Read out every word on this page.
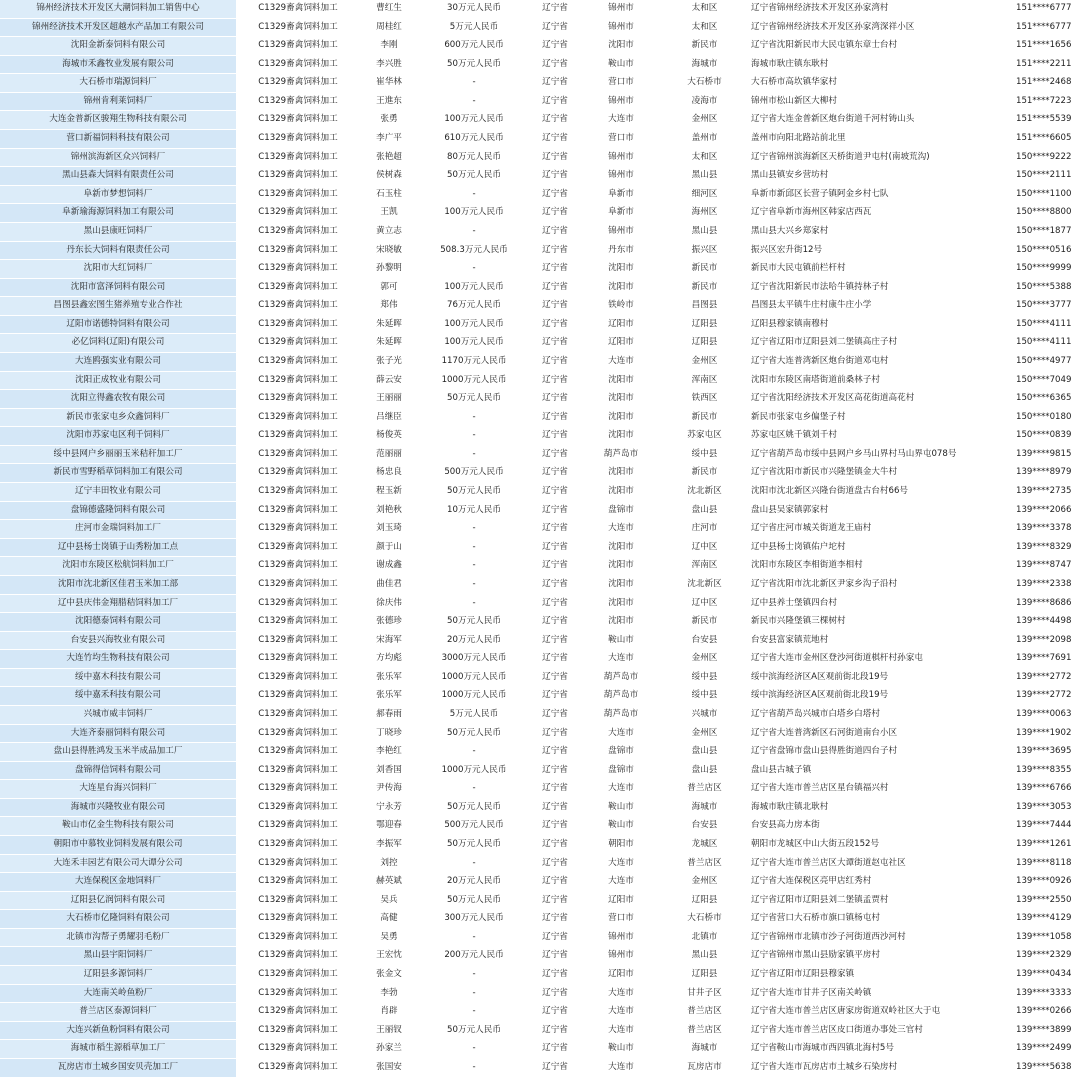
锦州经济技术开发区大潮饲料加工销售中心	C1329畜禽饲料加工	曹红生	30万元人民币	辽宁省	锦州市	太和区	辽宁省锦州经济技术开发区孙家湾村	151****6777
锦州经济技术开发区超越水产品加工有限公司	C1329畜禽饲料加工	周桂红	5万元人民币	辽宁省	锦州市	太和区	辽宁省锦州经济技术开发区孙家湾深祥小区	151****6777
沈阳金新泰饲料有限公司	C1329畜禽饲料加工	李刚	600万元人民币	辽宁省	沈阳市	新民市	辽宁省沈阳新民市大民屯镇东章士台村	151****1656
海城市禾鑫牧业发展有限公司	C1329畜禽饲料加工	李兴胜	50万元人民币	辽宁省	鞍山市	海城市	海城市耿庄镇东耿村	151****2211
大石桥市瑞源饲料厂	C1329畜禽饲料加工	崔华林	-	辽宁省	营口市	大石桥市	大石桥市高坎镇华家村	151****2468
锦州肯利莱饲料厂	C1329畜禽饲料加工	王進东	-	辽宁省	锦州市	凌海市	锦州市松山新区大柳村	151****7223
大连金普新区骏翔生物科技有限公司	C1329畜禽饲料加工	张勇	100万元人民币	辽宁省	大连市	金州区	辽宁省大连金普新区炮台街道千河村铸山头	151****5539
营口新福饲料科技有限公司	C1329畜禽饲料加工	李广平	610万元人民币	辽宁省	营口市	盖州市	盖州市向阳北路站前北里	151****6605
锦州滨海新区众兴饲料厂	C1329畜禽饲料加工	张艳超	80万元人民币	辽宁省	锦州市	太和区	辽宁省锦州滨海新区天桥街道尹屯村(南坡荒沟)	150****9222
黑山县森大饲料有限责任公司	C1329畜禽饲料加工	侯树森	50万元人民币	辽宁省	锦州市	黑山县	黑山县镇安乡营坊村	150****2111
阜新市梦想饲料厂	C1329畜禽饲料加工	石玉柱	-	辽宁省	阜新市	细河区	阜新市新邱区长营子镇阿金乡村七队	150****1100
阜新瑜海源饲料加工有限公司	C1329畜禽饲料加工	王凯	100万元人民币	辽宁省	阜新市	海州区	辽宁省阜新市海州区韩家店西瓦	150****8800
黑山县康旺饲料厂	C1329畜禽饲料加工	黄立志	-	辽宁省	锦州市	黑山县	黑山县大兴乡郑家村	150****1877
丹东长大饲料有限责任公司	C1329畜禽饲料加工	宋晓敏	508.3万元人民币	辽宁省	丹东市	振兴区	振兴区宏升街12号	150****0516
沈阳市大红饲料厂	C1329畜禽饲料加工	孙黎明	-	辽宁省	沈阳市	新民市	新民市大民屯镇前栏杆村	150****9999
沈阳市富泽饲料有限公司	C1329畜禽饲料加工	郭可	100万元人民币	辽宁省	沈阳市	新民市	辽宁省沈阳新民市法哈牛镇持林子村	150****5388
昌图县鑫宏图生猪养殖专业合作社	C1329畜禽饲料加工	郑伟	76万元人民币	辽宁省	铁岭市	昌图县	昌图县太平镇牛庄村康牛庄小学	150****3777
辽阳市诺德特饲料有限公司	C1329畜禽饲料加工	朱延晖	100万元人民币	辽宁省	辽阳市	辽阳县	辽阳县穆家镇南穆村	150****4111
必亿饲料(辽阳)有限公司	C1329畜禽饲料加工	朱延晖	100万元人民币	辽宁省	辽阳市	辽阳县	辽宁省辽阳市辽阳县刘二堡镇高庄子村	150****4111
大连鸥强实业有限公司	C1329畜禽饲料加工	张子光	1170万元人民币	辽宁省	大连市	金州区	辽宁省大连普湾新区炮台街道邓屯村	150****4977
沈阳正成牧业有限公司	C1329畜禽饲料加工	薛云安	1000万元人民币	辽宁省	沈阳市	浑南区	沈阳市东陵区南塔街道前桑林子村	150****7049
沈阳立得鑫农牧有限公司	C1329畜禽饲料加工	王丽丽	50万元人民币	辽宁省	沈阳市	铁西区	辽宁省沈阳经济技术开发区高花街道高花村	150****6365
新民市张家屯乡众鑫饲料厂	C1329畜禽饲料加工	吕继臣	-	辽宁省	沈阳市	新民市	新民市张家屯乡偏堡子村	150****0180
沈阳市苏家屯区利千饲料厂	C1329畜禽饲料加工	杨俊英	-	辽宁省	沈阳市	苏家屯区	苏家屯区姚千镇刘千村	150****0839
绥中县网户乡丽丽玉米秸秆加工厂	C1329畜禽饲料加工	范丽丽	-	辽宁省	葫芦岛市	绥中县	辽宁省葫芦岛市绥中县网户乡马山界村马山界屯078号	139****9815
新民市雪野稻草饲料加工有限公司	C1329畜禽饲料加工	杨忠良	500万元人民币	辽宁省	沈阳市	新民市	辽宁省沈阳市新民市兴隆堡镇金大牛村	139****8979
辽宁丰田牧业有限公司	C1329畜禽饲料加工	程玉新	50万元人民币	辽宁省	沈阳市	沈北新区	沈阳市沈北新区兴隆台街道盘古台村66号	139****2735
盘锦德盛隆饲料有限公司	C1329畜禽饲料加工	刘艳秋	10万元人民币	辽宁省	盘锦市	盘山县	盘山县吴家镇郭家村	139****2066
庄河市金瑞饲料加工厂	C1329畜禽饲料加工	刘玉琦	-	辽宁省	大连市	庄河市	辽宁省庄河市城关街道龙王庙村	139****3378
辽中县杨士岗镇于山秀粉加工点	C1329畜禽饲料加工	颜于山	-	辽宁省	沈阳市	辽中区	辽中县杨士岗镇佑户坨村	139****8329
沈阳市东陵区松航饲料加工厂	C1329畜禽饲料加工	谢成鑫	-	辽宁省	沈阳市	浑南区	沈阳市东陵区李相街道李相村	139****8747
沈阳市沈北新区佳君玉米加工部	C1329畜禽饲料加工	曲佳君	-	辽宁省	沈阳市	沈北新区	辽宁省沈阳市沈北新区尹家乡沟子沿村	139****2338
辽中县庆伟金翔腊秸饲料加工厂	C1329畜禽饲料加工	徐庆伟	-	辽宁省	沈阳市	辽中区	辽中县养士堡镇四台村	139****8686
沈阳德泰饲料有限公司	C1329畜禽饲料加工	张德珍	50万元人民币	辽宁省	沈阳市	新民市	新民市兴隆堡镇三棵树村	139****4498
台安县兴海牧业有限公司	C1329畜禽饲料加工	宋海军	20万元人民币	辽宁省	鞍山市	台安县	台安县富家镇荒地村	139****2098
大连竹均生物科技有限公司	C1329畜禽饲料加工	方均彪	3000万元人民币	辽宁省	大连市	金州区	辽宁省大连市金州区登沙河街道棋杆村孙家屯	139****7691
绥中嘉木科技有限公司	C1329畜禽饲料加工	张乐军	1000万元人民币	辽宁省	葫芦岛市	绥中县	绥中滨海经济区A区观前街北段19号	139****2772
绥中嘉禾科技有限公司	C1329畜禽饲料加工	张乐军	1000万元人民币	辽宁省	葫芦岛市	绥中县	绥中滨海经济区A区观前街北段19号	139****2772
兴城市威丰饲料厂	C1329畜禽饲料加工	郝春雨	5万元人民币	辽宁省	葫芦岛市	兴城市	辽宁省葫芦岛兴城市白塔乡白塔村	139****0063
大连齐泰丽饲料有限公司	C1329畜禽饲料加工	丁晓珍	50万元人民币	辽宁省	大连市	金州区	辽宁省大连普湾新区石河街道南台小区	139****1902
盘山县得胜鸿发玉米半成品加工厂	C1329畜禽饲料加工	李艳红	-	辽宁省	盘锦市	盘山县	辽宁省盘锦市盘山县得胜街道四台子村	139****3695
盘锦得信饲料有限公司	C1329畜禽饲料加工	刘香国	1000万元人民币	辽宁省	盘锦市	盘山县	盘山县古城子镇	139****8355
大连星台海兴饲料厂	C1329畜禽饲料加工	尹传海	-	辽宁省	大连市	普兰店区	辽宁省大连市普兰店区星台镇福兴村	139****6766
海城市兴隆牧业有限公司	C1329畜禽饲料加工	宁永芳	50万元人民币	辽宁省	鞍山市	海城市	海城市耿庄镇北耿村	139****3053
鞍山市亿金生物科技有限公司	C1329畜禽饲料加工	鄂迎春	500万元人民币	辽宁省	鞍山市	台安县	台安县高力房本街	139****7444
朝阳市中慕牧业饲料发展有限公司	C1329畜禽饲料加工	李振军	50万元人民币	辽宁省	朝阳市	龙城区	朝阳市龙城区中山大街五段152号	139****1261
大连禾丰园艺有限公司大谭分公司	C1329畜禽饲料加工	刘控	-	辽宁省	大连市	普兰店区	辽宁省大连市普兰店区大谭街道赵屯社区	139****8118
大连保税区金地饲料厂	C1329畜禽饲料加工	赫英斌	20万元人民币	辽宁省	大连市	金州区	辽宁省大连保税区亮甲店红秀村	139****0926
辽阳县亿润饲料有限公司	C1329畜禽饲料加工	吴兵	50万元人民币	辽宁省	辽阳市	辽阳县	辽宁省辽阳市辽阳县刘二堡镇孟贾村	139****2550
大石桥市亿隆饲料有限公司	C1329畜禽饲料加工	高健	300万元人民币	辽宁省	营口市	大石桥市	辽宁省营口大石桥市旗口镇杨屯村	139****4129
北镇市沟帮子勇耀羽毛粉厂	C1329畜禽饲料加工	吴勇	-	辽宁省	锦州市	北镇市	辽宁省锦州市北镇市沙子河街道西沙河村	139****1058
黑山县宇阳饲料厂	C1329畜禽饲料加工	王宏忱	200万元人民币	辽宁省	锦州市	黑山县	辽宁省锦州市黑山县励家镇平房村	139****2329
辽阳县多源饲料厂	C1329畜禽饲料加工	张金文	-	辽宁省	辽阳市	辽阳县	辽宁省辽阳市辽阳县穆家镇	139****0434
大连南关岭鱼粉厂	C1329畜禽饲料加工	李勃	-	辽宁省	大连市	甘井子区	辽宁省大连市甘井子区南关岭镇	139****3333
普兰店区泰源饲料厂	C1329畜禽饲料加工	肖辟	-	辽宁省	大连市	普兰店区	辽宁省大连市普兰店区唐家房街道双岭社区大于屯	139****0266
大连兴新鱼粉饲料有限公司	C1329畜禽饲料加工	王丽钗	50万元人民币	辽宁省	大连市	普兰店区	辽宁省大连市普兰店区皮口街道办事处三官村	139****3899
海城市稻生源稻草加工厂	C1329畜禽饲料加工	孙家兰	-	辽宁省	鞍山市	海城市	辽宁省鞍山市海城市西四镇北海村5号	139****2499
瓦房店市土城乡国安贝壳加工厂	C1329畜禽饲料加工	张国安	-	辽宁省	大连市	瓦房店市	辽宁省大连市瓦房店市土城乡石染房村	139****5638
